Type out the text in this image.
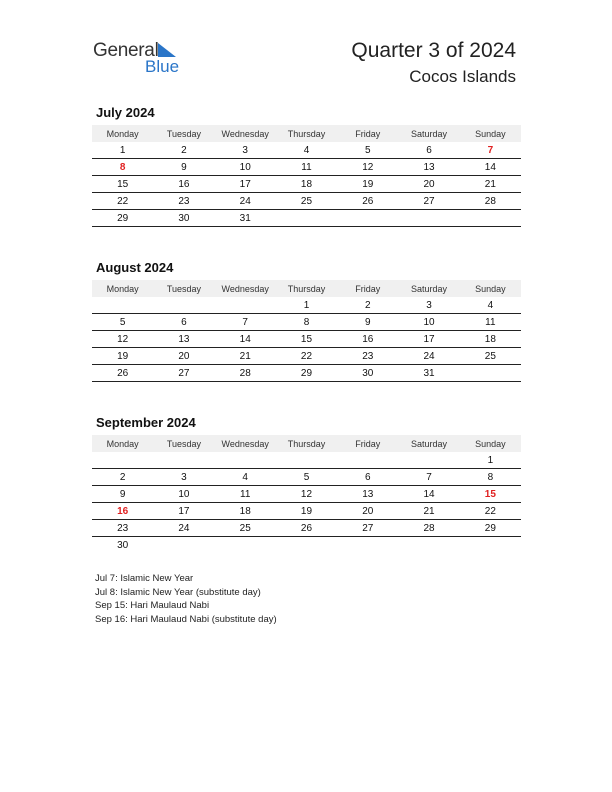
General
Blue
Quarter 3 of 2024
Cocos Islands
July 2024
Monday	Tuesday	Wednesday	Thursday	Friday	Saturday	Sunday
1	2	3	4	5	6	7
8	9	10	11	12	13	14
15	16	17	18	19	20	21
22	23	24	25	26	27	28
29	30	31				
August 2024
Monday	Tuesday	Wednesday	Thursday	Friday	Saturday	Sunday
			1	2	3	4
5	6	7	8	9	10	11
12	13	14	15	16	17	18
19	20	21	22	23	24	25
26	27	28	29	30	31	
September 2024
Monday	Tuesday	Wednesday	Thursday	Friday	Saturday	Sunday
						1
2	3	4	5	6	7	8
9	10	11	12	13	14	15
16	17	18	19	20	21	22
23	24	25	26	27	28	29
30						
Jul 7: Islamic New Year
Jul 8: Islamic New Year (substitute day)
Sep 15: Hari Maulaud Nabi
Sep 16: Hari Maulaud Nabi (substitute day)
